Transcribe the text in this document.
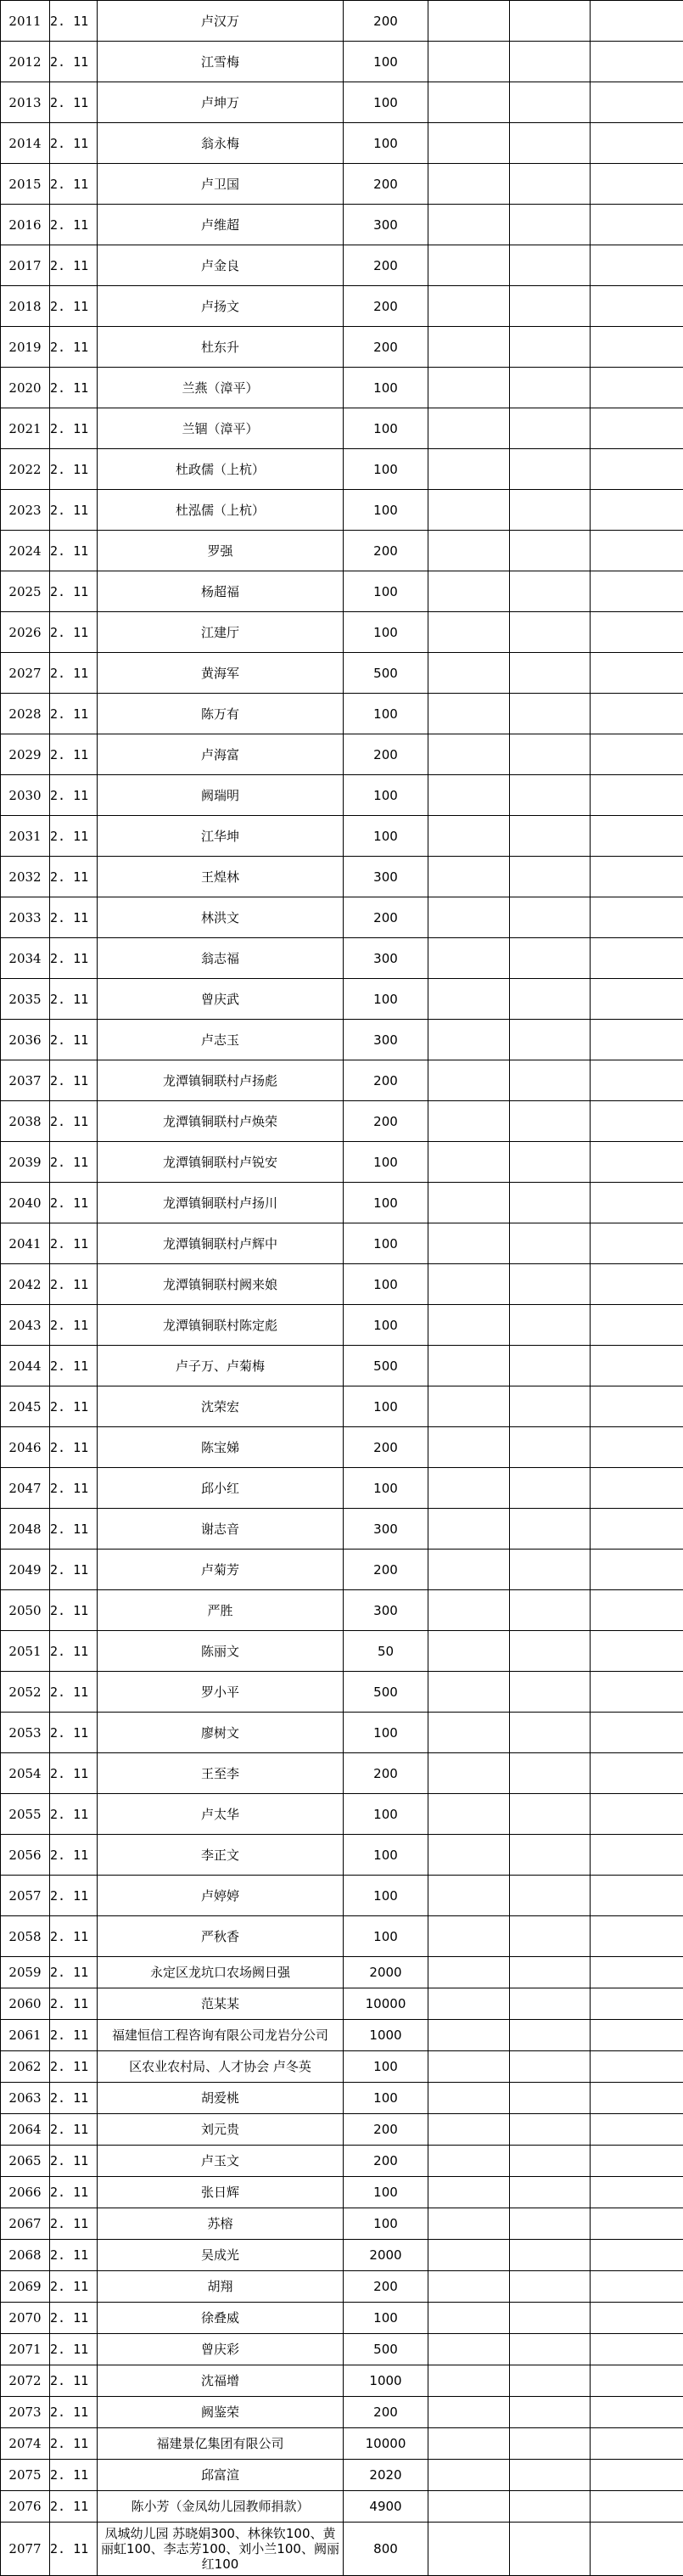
2011	2. 11	卢汉万	200			
2012	2. 11	江雪梅	100			
2013	2. 11	卢坤万	100			
2014	2. 11	翁永梅	100			
2015	2. 11	卢卫国	200			
2016	2. 11	卢维超	300			
2017	2. 11	卢金良	200			
2018	2. 11	卢扬文	200			
2019	2. 11	杜东升	200			
2020	2. 11	兰燕（漳平）	100			
2021	2. 11	兰锢（漳平）	100			
2022	2. 11	杜政儒（上杭）	100			
2023	2. 11	杜泓儒（上杭）	100			
2024	2. 11	罗强	200			
2025	2. 11	杨超福	100			
2026	2. 11	江建厅	100			
2027	2. 11	黄海军	500			
2028	2. 11	陈万有	100			
2029	2. 11	卢海富	200			
2030	2. 11	阙瑞明	100			
2031	2. 11	江华坤	100			
2032	2. 11	王煌林	300			
2033	2. 11	林洪文	200			
2034	2. 11	翁志福	300			
2035	2. 11	曾庆武	100			
2036	2. 11	卢志玉	300			
2037	2. 11	龙潭镇铜联村卢扬彪	200			
2038	2. 11	龙潭镇铜联村卢焕荣	200			
2039	2. 11	龙潭镇铜联村卢锐安	100			
2040	2. 11	龙潭镇铜联村卢扬川	100			
2041	2. 11	龙潭镇铜联村卢辉中	100			
2042	2. 11	龙潭镇铜联村阙来娘	100			
2043	2. 11	龙潭镇铜联村陈定彪	100			
2044	2. 11	卢子万、卢菊梅	500			
2045	2. 11	沈荣宏	100			
2046	2. 11	陈宝娣	200			
2047	2. 11	邱小红	100			
2048	2. 11	谢志音	300			
2049	2. 11	卢菊芳	200			
2050	2. 11	严胜	300			
2051	2. 11	陈丽文	50			
2052	2. 11	罗小平	500			
2053	2. 11	廖树文	100			
2054	2. 11	王至李	200			
2055	2. 11	卢太华	100			
2056	2. 11	李正文	100			
2057	2. 11	卢婷婷	100			
2058	2. 11	严秋香	100			
2059	2. 11	永定区龙坑口农场阙日强	2000			
2060	2. 11	范某某	10000			
2061	2. 11	福建恒信工程咨询有限公司龙岩分公司	1000			
2062	2. 11	区农业农村局、人才协会 卢冬英	100			
2063	2. 11	胡爱桃	100			
2064	2. 11	刘元贵	200			
2065	2. 11	卢玉文	200			
2066	2. 11	张日辉	100			
2067	2. 11	苏榕	100			
2068	2. 11	吴成光	2000			
2069	2. 11	胡翔	200			
2070	2. 11	徐叠威	100			
2071	2. 11	曾庆彩	500			
2072	2. 11	沈福增	1000			
2073	2. 11	阙鉴荣	200			
2074	2. 11	福建景亿集团有限公司	10000			
2075	2. 11	邱富渲	2020			
2076	2. 11	陈小芳（金凤幼儿园教师捐款）	4900			
2077	2. 11	凤城幼儿园 苏晓娟300、林徕钦100、黄丽虹100、李志芳100、刘小兰100、阙丽红100	800			
